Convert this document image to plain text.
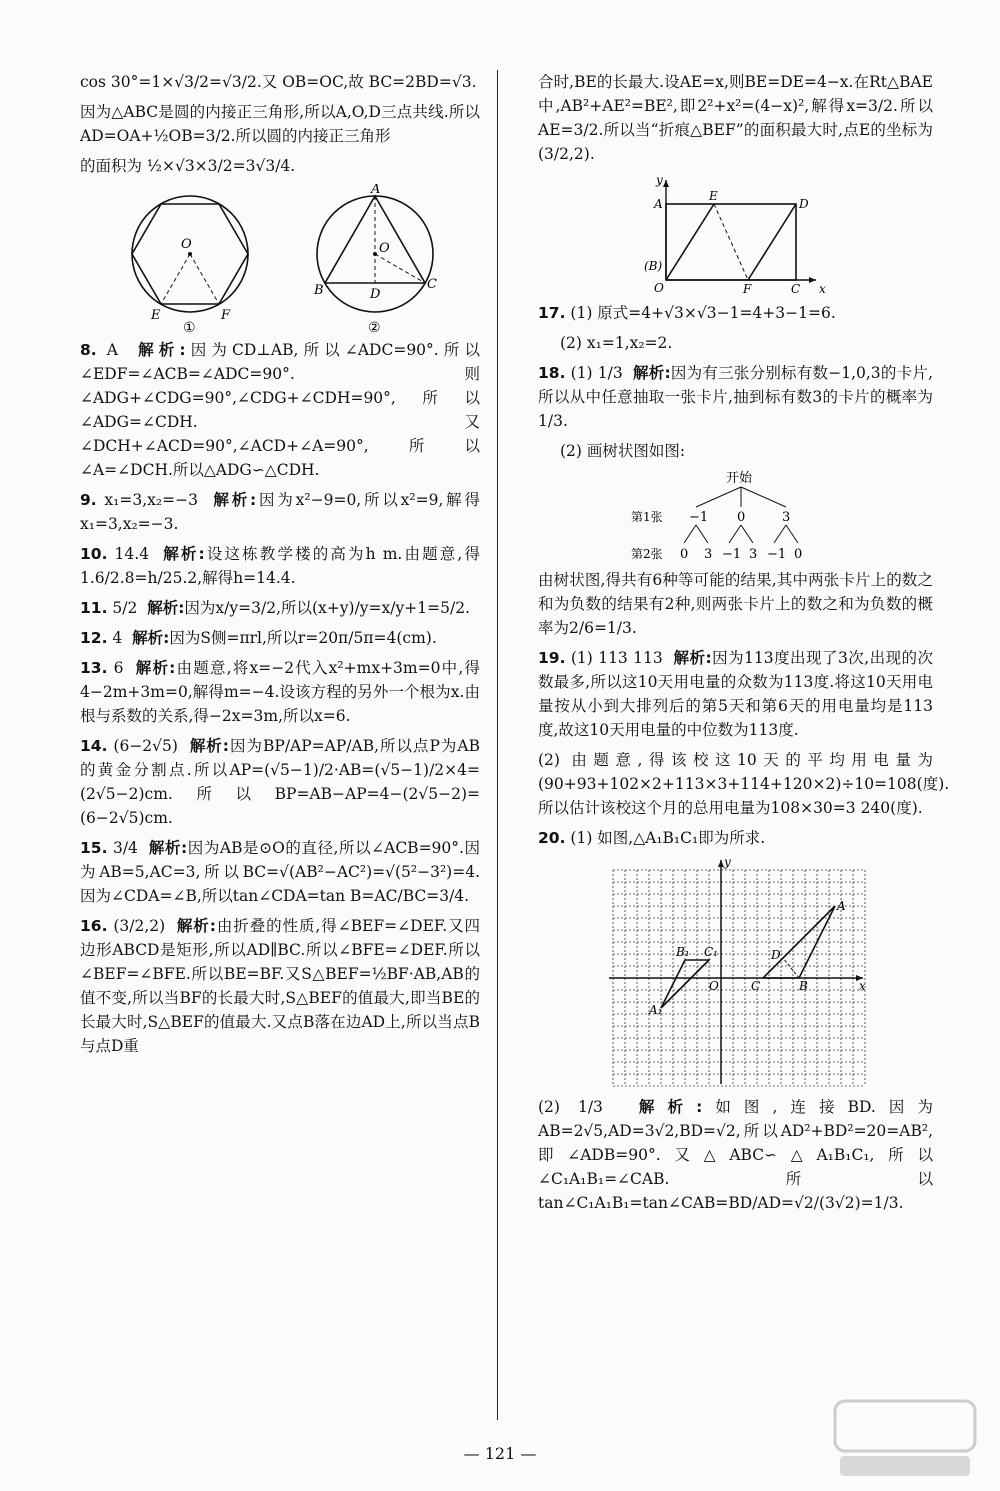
cos 30°=1×√3/2=√3/2.又 OB=OC,故 BC=2BD=√3.

因为△ABC是圆的内接正三角形,所以A,O,D三点共线.所以 AD=OA+½OB=3/2.所以圆的内接正三角形

的面积为 ½×√3×3/2=3√3/4.

O
E	F
①
A
O
B	D
C
②

8. A 解析:因为CD⊥AB,所以∠ADC=90°.所以∠EDF=∠ACB=∠ADC=90°.则∠ADG+∠CDG=90°,∠CDG+∠CDH=90°,所以∠ADG=∠CDH.又∠DCH+∠ACD=90°,∠ACD+∠A=90°,所以∠A=∠DCH.所以△ADG∽△CDH.

9. x₁=3,x₂=−3 解析:因为x²−9=0,所以x²=9,解得x₁=3,x₂=−3.

10. 14.4 解析:设这栋教学楼的高为h m.由题意,得1.6/2.8=h/25.2,解得h=14.4.

11. 5/2 解析:因为x/y=3/2,所以(x+y)/y=x/y+1=5/2.

12. 4 解析:因为S侧=πrl,所以r=20π/5π=4(cm).

13. 6 解析:由题意,将x=−2代入x²+mx+3m=0中,得4−2m+3m=0,解得m=−4.设该方程的另外一个根为x.由根与系数的关系,得−2x=3m,所以x=6.

14. (6−2√5) 解析:因为BP/AP=AP/AB,所以点P为AB的黄金分割点.所以AP=(√5−1)/2·AB=(√5−1)/2×4=(2√5−2)cm.所以BP=AB−AP=4−(2√5−2)=(6−2√5)cm.

15. 3/4 解析:因为AB是⊙O的直径,所以∠ACB=90°.因为AB=5,AC=3,所以BC=√(AB²−AC²)=√(5²−3²)=4.因为∠CDA=∠B,所以tan∠CDA=tan B=AC/BC=3/4.

16. (3/2,2) 解析:由折叠的性质,得∠BEF=∠DEF.又四边形ABCD是矩形,所以AD∥BC.所以∠BFE=∠DEF.所以∠BEF=∠BFE.所以BE=BF.又S△BEF=½BF·AB,AB的值不变,所以当BF的长最大时,S△BEF的值最大,即当BE的长最大时,S△BEF的值最大.又点B落在边AD上,所以当点B与点D重

合时,BE的长最大.设AE=x,则BE=DE=4−x.在Rt△BAE中,AB²+AE²=BE²,即2²+x²=(4−x)²,解得x=3/2.所以AE=3/2.所以当“折痕△BEF”的面积最大时,点E的坐标为(3/2,2).

y
A
E
D
(B)
O	F	C x

17. (1) 原式=4+√3×√3−1=4+3−1=6.

(2) x₁=1,x₂=2.

18. (1) 1/3 解析:因为有三张分别标有数−1,0,3的卡片,所以从中任意抽取一张卡片,抽到标有数3的卡片的概率为1/3.

(2) 画树状图如图:

开始
第1张 −1 0	3
第2张 0 3 −1 3 −1 0

由树状图,得共有6种等可能的结果,其中两张卡片上的数之和为负数的结果有2种,则两张卡片上的数之和为负数的概率为2/6=1/3.

19. (1) 113 113 解析:因为113度出现了3次,出现的次数最多,所以这10天用电量的众数为113度.将这10天用电量按从小到大排列后的第5天和第6天的用电量均是113度,故这10天用电量的中位数为113度.

(2) 由题意,得该校这10天的平均用电量为(90+93+102×2+113×3+114+120×2)÷10=108(度).所以估计该校这个月的总用电量为108×30=3 240(度).

20. (1) 如图,△A₁B₁C₁即为所求.

y
A
D
C	B	x
B₁ C₁
O
A₁

(2) 1/3 解析:如图,连接BD.因为AB=2√5,AD=3√2,BD=√2,所以AD²+BD²=20=AB²,即∠ADB=90°.又△ABC∽△A₁B₁C₁,所以∠C₁A₁B₁=∠CAB.所以tan∠C₁A₁B₁=tan∠CAB=BD/AD=√2/(3√2)=1/3.

— 121 —
